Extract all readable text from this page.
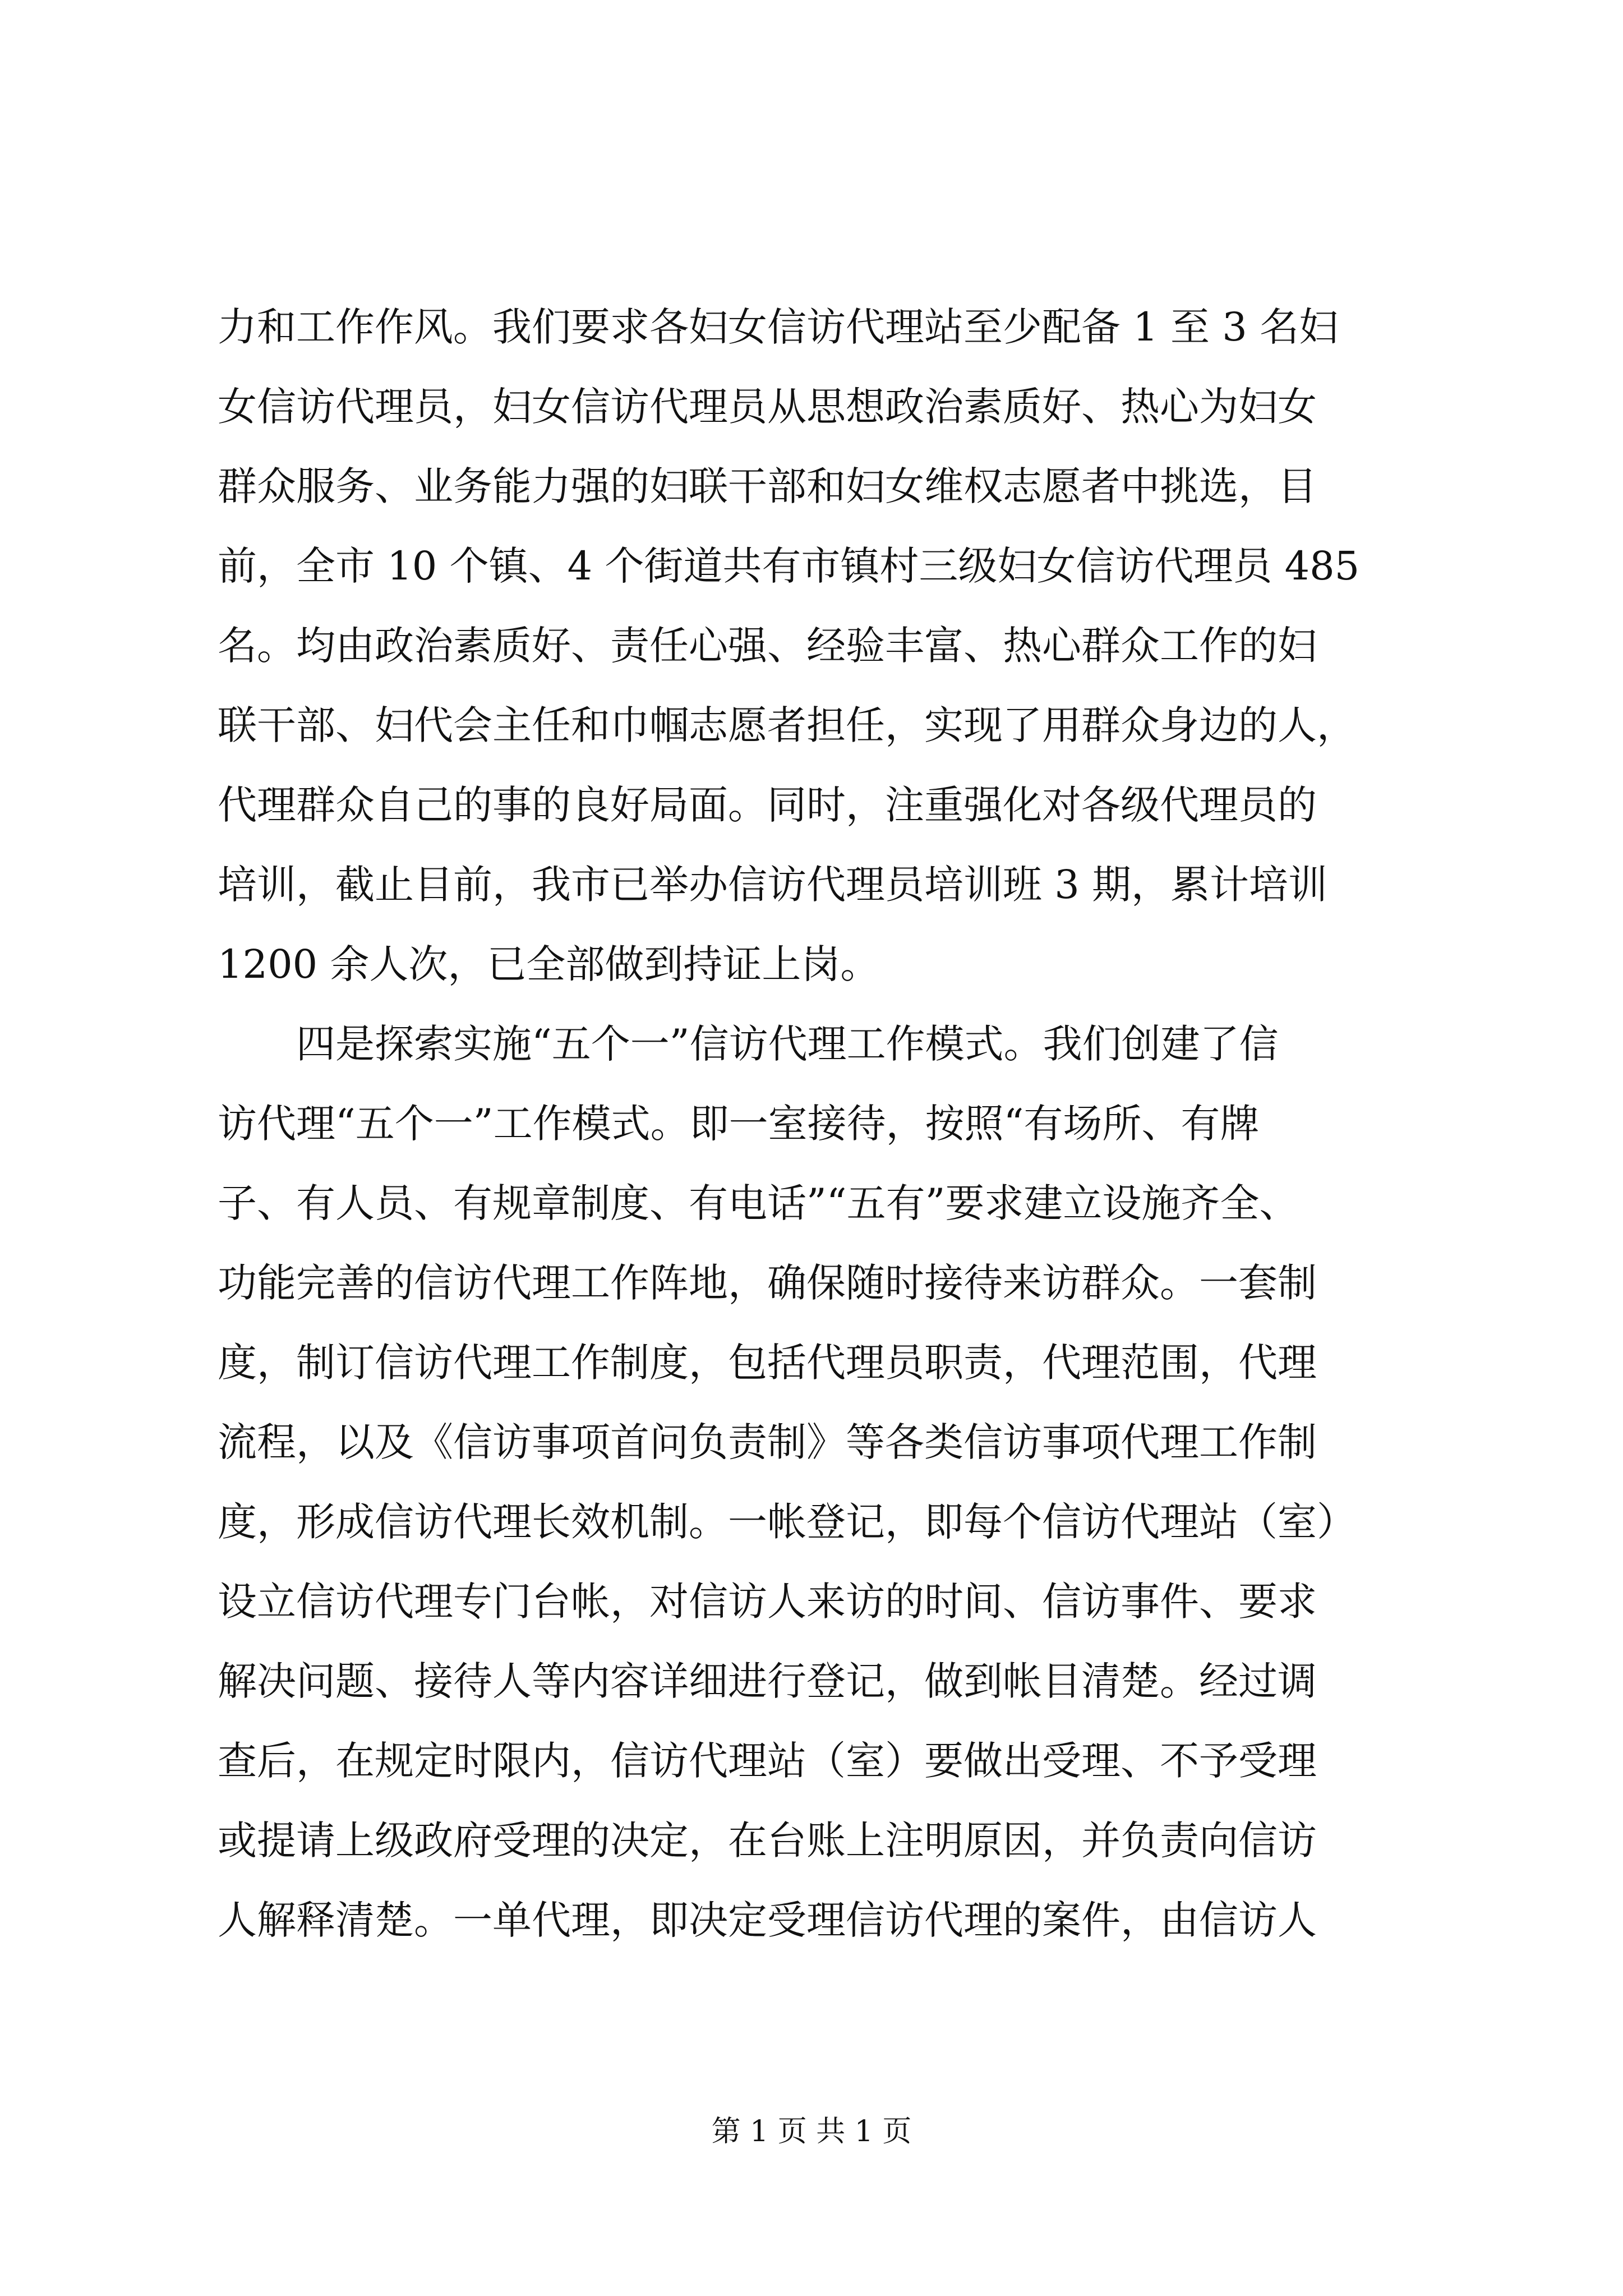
力和工作作风。我们要求各妇女信访代理站至少配备 1 至 3 名妇
女信访代理员，妇女信访代理员从思想政治素质好、热心为妇女
群众服务、业务能力强的妇联干部和妇女维权志愿者中挑选，目
前，全市 10 个镇、4 个街道共有市镇村三级妇女信访代理员 485
名。均由政治素质好、责任心强、经验丰富、热心群众工作的妇
联干部、妇代会主任和巾帼志愿者担任，实现了用群众身边的人，
代理群众自己的事的良好局面。同时，注重强化对各级代理员的
培训，截止目前，我市已举办信访代理员培训班 3 期，累计培训
1200 余人次，已全部做到持证上岗。
　　四是探索实施“五个一”信访代理工作模式。我们创建了信
访代理“五个一”工作模式。即一室接待，按照“有场所、有牌
子、有人员、有规章制度、有电话”“五有”要求建立设施齐全、
功能完善的信访代理工作阵地，确保随时接待来访群众。一套制
度，制订信访代理工作制度，包括代理员职责，代理范围，代理
流程，以及《信访事项首问负责制》等各类信访事项代理工作制
度，形成信访代理长效机制。一帐登记，即每个信访代理站（室）
设立信访代理专门台帐，对信访人来访的时间、信访事件、要求
解决问题、接待人等内容详细进行登记，做到帐目清楚。经过调
查后，在规定时限内，信访代理站（室）要做出受理、不予受理
或提请上级政府受理的决定，在台账上注明原因，并负责向信访
人解释清楚。一单代理，即决定受理信访代理的案件，由信访人
第 1 页 共 1 页
